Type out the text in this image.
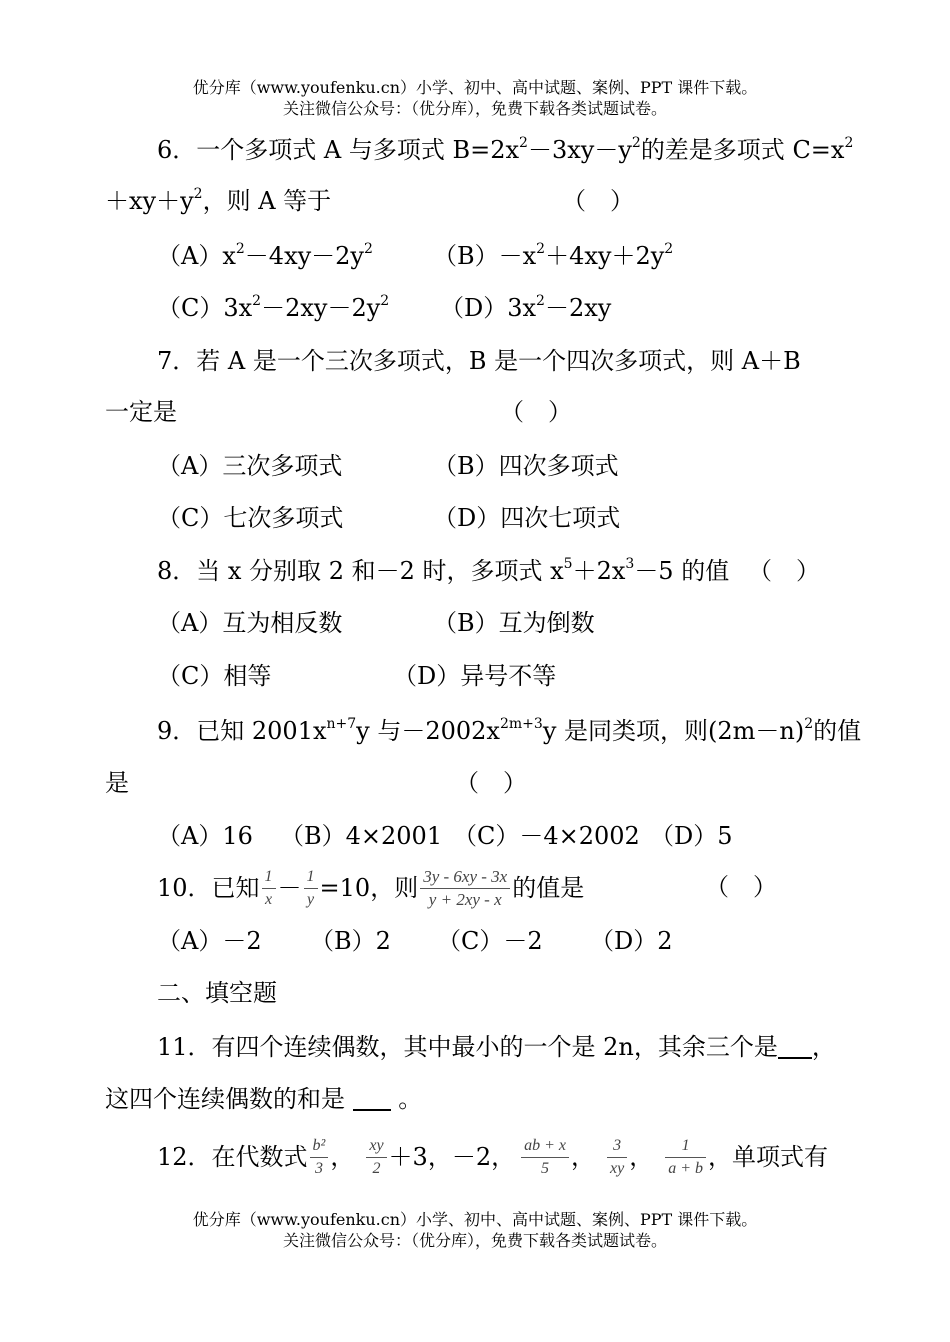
优分库（www.youfenku.cn）小学、初中、高中试题、案例、PPT 课件下载。
关注微信公众号：（优分库），免费下载各类试题试卷。
6．一个多项式 A 与多项式 $B=2x^2-3xy-y^2$的差是多项式 $C=x^2$
$+xy+y^2$，则 A 等于	（　）
$(A)x^2-4xy-2y^2$	$(B)-x^2+4xy+2y^2$
$(C)3x^2-2xy-2y^2$ $(D)3x^2-2xy$
7．若 A 是一个三次多项式，B 是一个四次多项式，则 A＋B
一定是	（　）
（A）三次多项式	（B）四次多项式
（C）七次多项式	（D）四次七项式
8．当 x 分别取 2 和－2 时，多项式 $x^5+2x^3-5$ 的值 （　）
（A）互为相反数	（B）互为倒数
（C）相等	（D）异号不等
9．已知 $2001x^{n+7}y$ 与$-2002x^{2m+3}y$ 是同类项，则$(2m-n)^2$的值
是	（　）
（A）16 （B）4×2001 （C）－4×2002 （D）5
10．已知 $\frac{1}{x} - \frac{1}{y} =10$，则 $\frac{3y - 6xy - 3x}{y + 2xy - x}$ 的值是	（　）
（A）－2 （B）2 （C）－2 （D）2
二、填空题
11．有四个连续偶数，其中最小的一个是 2n，其余三个是 ，
这四个连续偶数的和是 。
12．在代数式 $\frac{\text{b²}}{3}$ ， $\frac{xy}{2} +3$，－2， $\frac{ab + x}{5}$ ， $\frac{3}{xy}$ ， $\frac{1}{a + b}$ ，单项式有
优分库（www.youfenku.cn）小学、初中、高中试题、案例、PPT 课件下载。
关注微信公众号：（优分库），免费下载各类试题试卷。
